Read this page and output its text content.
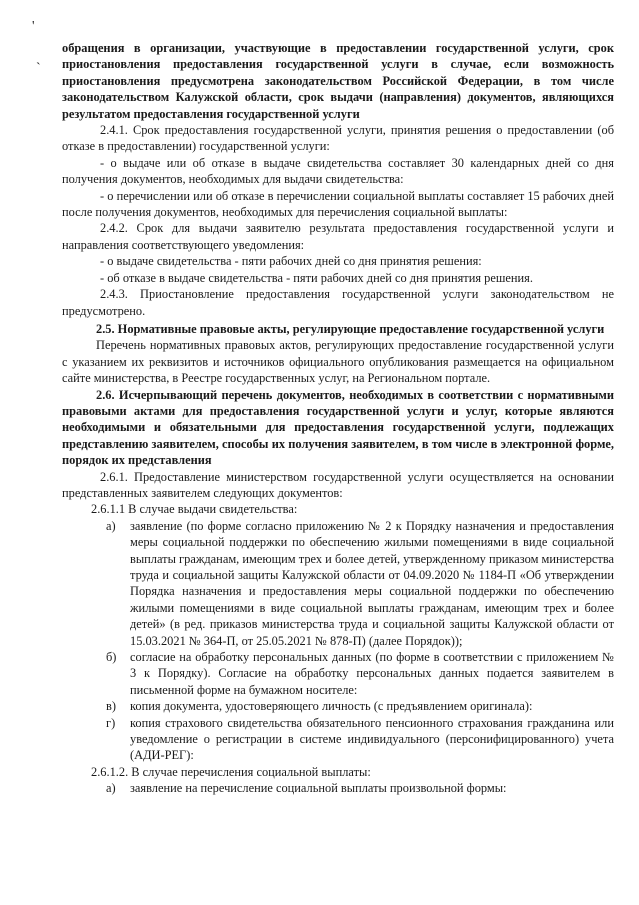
'
`

обращения в организации, участвующие в предоставлении государственной услуги, срок приостановления предоставления государственной услуги в случае, если возможность приостановления предусмотрена законодательством Российской Федерации, в том числе законодательством Калужской области, срок выдачи (направления) документов, являющихся результатом предоставления государственной услуги

2.4.1. Срок предоставления государственной услуги, принятия решения о предоставлении (об отказе в предоставлении) государственной услуги:

- о выдаче или об отказе в выдаче свидетельства составляет 30 календарных дней со дня получения документов, необходимых для выдачи свидетельства:

- о перечислении или об отказе в перечислении социальной выплаты составляет 15 рабочих дней после получения документов, необходимых для перечисления социальной выплаты:

2.4.2. Срок для выдачи заявителю результата предоставления государственной услуги и направления соответствующего уведомления:

- о выдаче свидетельства - пяти рабочих дней со дня принятия решения:

- об отказе в выдаче свидетельства - пяти рабочих дней со дня принятия решения.

2.4.3. Приостановление предоставления государственной услуги законодательством не предусмотрено.

2.5. Нормативные правовые акты, регулирующие предоставление государственной услуги

Перечень нормативных правовых актов, регулирующих предоставление государственной услуги с указанием их реквизитов и источников официального опубликования размещается на официальном сайте министерства, в Реестре государственных услуг, на Региональном портале.

2.6. Исчерпывающий перечень документов, необходимых в соответствии с нормативными правовыми актами для предоставления государственной услуги и услуг, которые являются необходимыми и обязательными для предоставления государственной услуги, подлежащих представлению заявителем, способы их получения заявителем, в том числе в электронной форме, порядок их представления

2.6.1. Предоставление министерством государственной услуги осуществляется на основании представленных заявителем следующих документов:

2.6.1.1 В случае выдачи свидетельства:

а)	заявление (по форме согласно приложению № 2 к Порядку назначения и предоставления меры социальной поддержки по обеспечению жилыми помещениями в виде социальной выплаты гражданам, имеющим трех и более детей, утвержденному приказом министерства труда и социальной защиты Калужской области от 04.09.2020 № 1184-П «Об утверждении Порядка назначения и предоставления меры социальной поддержки по обеспечению жилыми помещениями в виде социальной выплаты гражданам, имеющим трех и более детей» (в ред. приказов министерства труда и социальной защиты Калужской области от 15.03.2021 № 364-П, от 25.05.2021 № 878-П) (далее Порядок));
б)	согласие на обработку персональных данных (по форме в соответствии с приложением № 3 к Порядку). Согласие на обработку персональных данных подается заявителем в письменной форме на бумажном носителе:
в)	копия документа, удостоверяющего личность (с предъявлением оригинала):
г)	копия страхового свидетельства обязательного пенсионного страхования гражданина или уведомление о регистрации в системе индивидуального (персонифицированного) учета (АДИ-РЕГ):

2.6.1.2. В случае перечисления социальной выплаты:

а)	заявление на перечисление социальной выплаты произвольной формы:
